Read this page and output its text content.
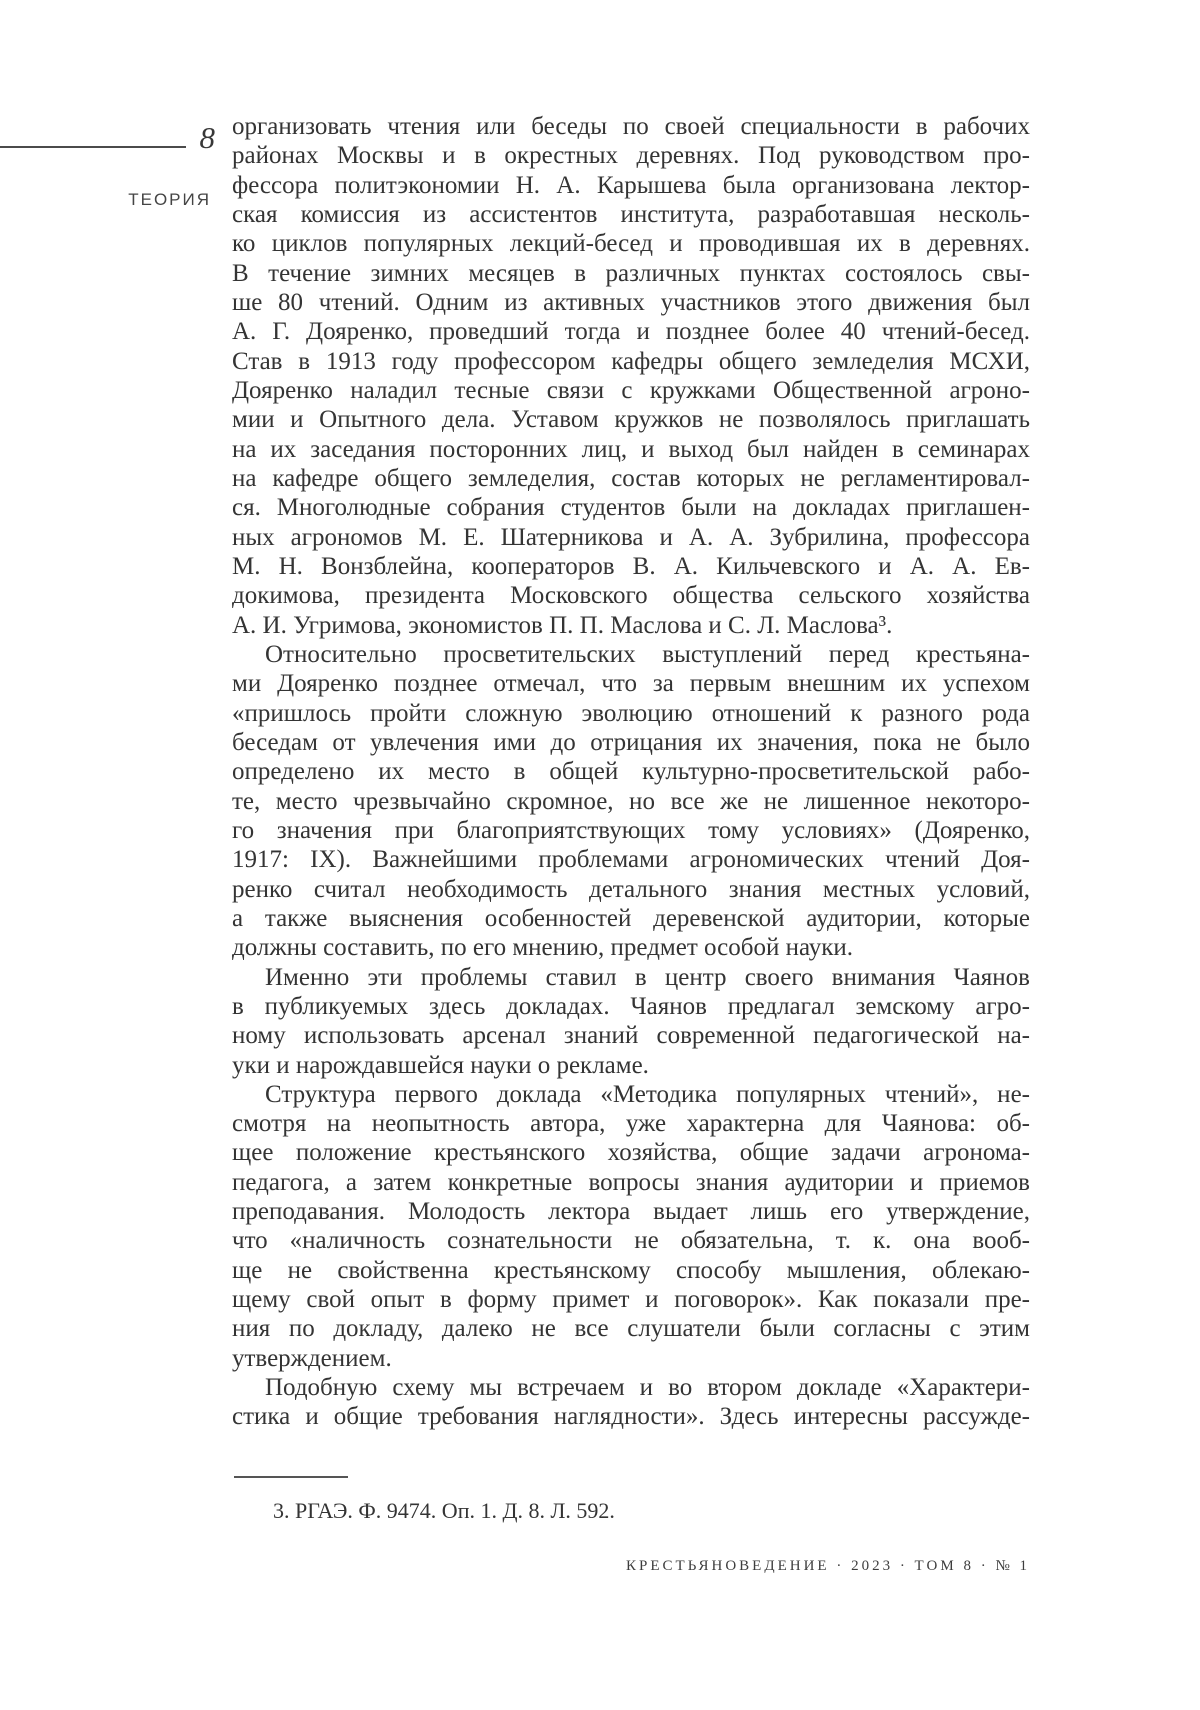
8
ТЕОРИЯ
организовать чтения или беседы по своей специальности в рабочих
районах Москвы и в окрестных деревнях. Под руководством про-
фессора политэкономии Н. А. Карышева была организована лектор-
ская комиссия из ассистентов института, разработавшая несколь-
ко циклов популярных лекций-бесед и проводившая их в деревнях.
В течение зимних месяцев в различных пунктах состоялось свы-
ше 80 чтений. Одним из активных участников этого движения был
А. Г. Дояренко, проведший тогда и позднее более 40 чтений-бесед.
Став в 1913 году профессором кафедры общего земледелия МСХИ,
Дояренко наладил тесные связи с кружками Общественной агроно-
мии и Опытного дела. Уставом кружков не позволялось приглашать
на их заседания посторонних лиц, и выход был найден в семинарах
на кафедре общего земледелия, состав которых не регламентировал-
ся. Многолюдные собрания студентов были на докладах приглашен-
ных агрономов М. Е. Шатерникова и А. А. Зубрилина, профессора
М. Н. Вонзблейна, кооператоров В. А. Кильчевского и А. А. Ев-
докимова, президента Московского общества сельского хозяйства
А. И. Угримова, экономистов П. П. Маслова и С. Л. Маслова³.
Относительно просветительских выступлений перед крестьяна-
ми Дояренко позднее отмечал, что за первым внешним их успехом
«пришлось пройти сложную эволюцию отношений к разного рода
беседам от увлечения ими до отрицания их значения, пока не было
определено их место в общей культурно-просветительской рабо-
те, место чрезвычайно скромное, но все же не лишенное некоторо-
го значения при благоприятствующих тому условиях» (Дояренко,
1917: IX). Важнейшими проблемами агрономических чтений Доя-
ренко считал необходимость детального знания местных условий,
а также выяснения особенностей деревенской аудитории, которые
должны составить, по его мнению, предмет особой науки.
Именно эти проблемы ставил в центр своего внимания Чаянов
в публикуемых здесь докладах. Чаянов предлагал земскому агро-
ному использовать арсенал знаний современной педагогической на-
уки и нарождавшейся науки о рекламе.
Структура первого доклада «Методика популярных чтений», не-
смотря на неопытность автора, уже характерна для Чаянова: об-
щее положение крестьянского хозяйства, общие задачи агронома-
педагога, а затем конкретные вопросы знания аудитории и приемов
преподавания. Молодость лектора выдает лишь его утверждение,
что «наличность сознательности не обязательна, т. к. она вооб-
ще не свойственна крестьянскому способу мышления, облекаю-
щему свой опыт в форму примет и поговорок». Как показали пре-
ния по докладу, далеко не все слушатели были согласны с этим
утверждением.
Подобную схему мы встречаем и во втором докладе «Характери-
стика и общие требования наглядности». Здесь интересны рассужде-
3. РГАЭ. Ф. 9474. Оп. 1. Д. 8. Л. 592.
КРЕСТЬЯНОВЕДЕНИЕ · 2023 · ТОМ 8 · № 1
